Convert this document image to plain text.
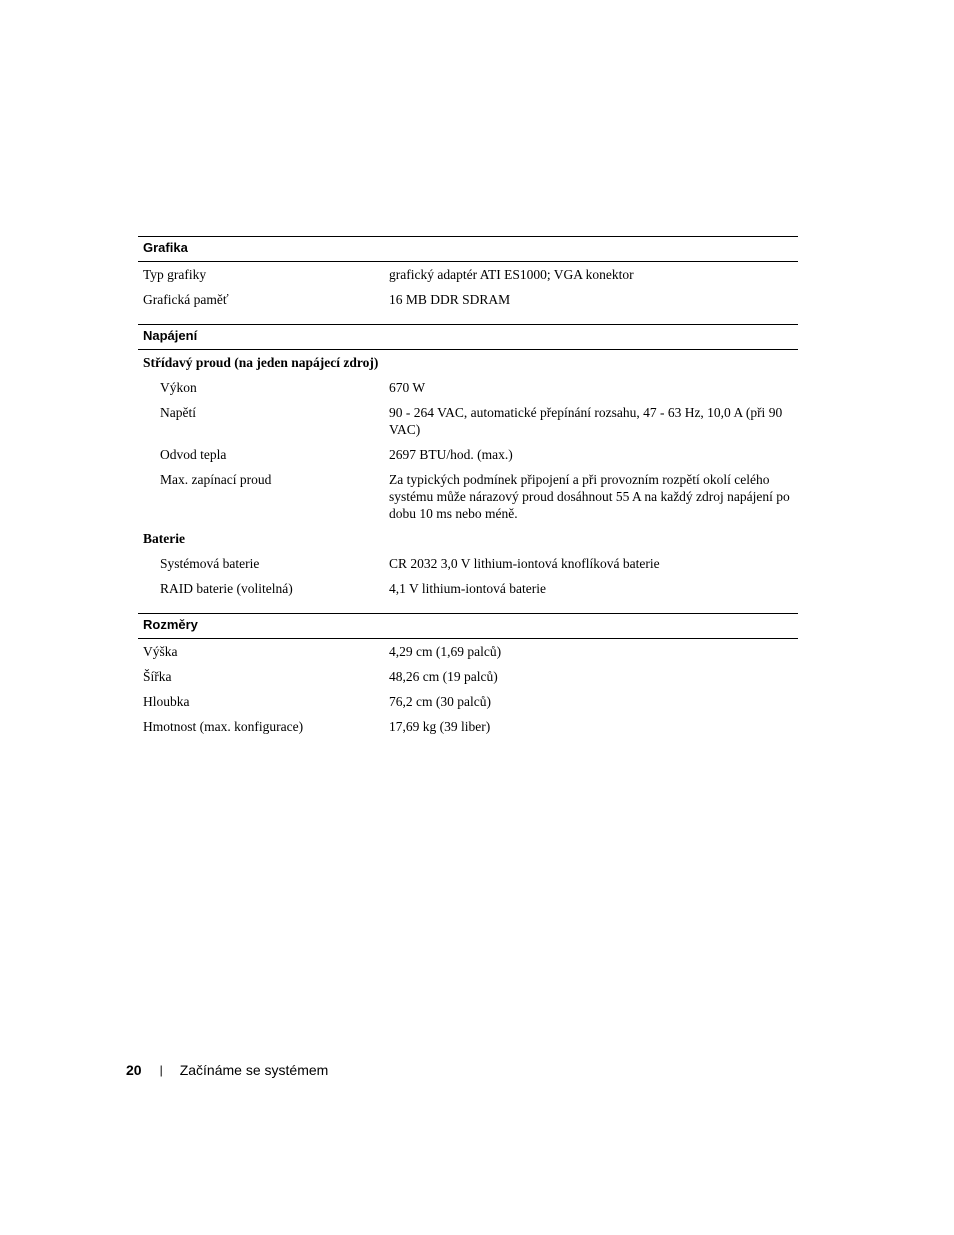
Grafika
Typ grafiky	grafický adaptér ATI ES1000; VGA konektor
Grafická paměť	16 MB DDR SDRAM
Napájení
Střídavý proud (na jeden napájecí zdroj)
Výkon	670 W
Napětí	90 - 264 VAC, automatické přepínání rozsahu, 47 - 63 Hz, 10,0 A (při 90 VAC)
Odvod tepla	2697 BTU/hod. (max.)
Max. zapínací proud	Za typických podmínek připojení a při provozním rozpětí okolí celého systému může nárazový proud dosáhnout 55 A na každý zdroj napájení po dobu 10 ms nebo méně.
Baterie
Systémová baterie	CR 2032 3,0 V lithium-iontová knoflíková baterie
RAID baterie (volitelná)	4,1 V lithium-iontová baterie
Rozměry
Výška	4,29 cm (1,69 palců)
Šířka	48,26 cm (19 palců)
Hloubka	76,2 cm (30 palců)
Hmotnost (max. konfigurace)	17,69 kg (39 liber)
20 | Začínáme se systémem
